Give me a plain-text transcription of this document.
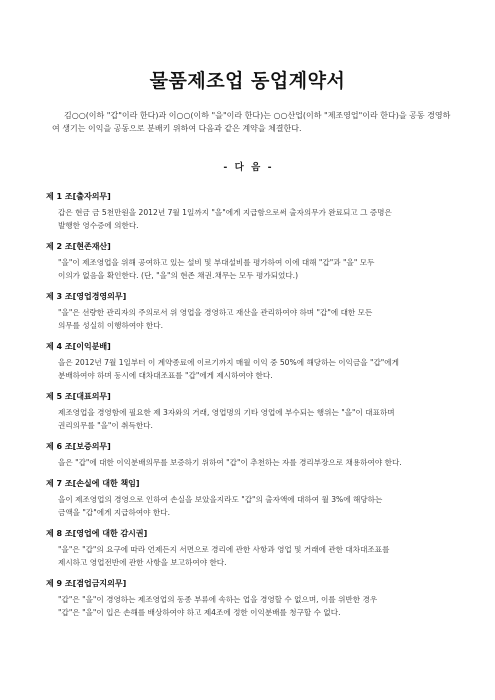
물품제조업 동업계약서
김○○(이하 "갑"이라 한다)과 이○○(이하 "을"이라 한다)는 ○○산업(이하 "제조영업"이라 한다)을 공동 경영하여 생기는 이익을 공동으로 분배키 위하여 다음과 같은 계약을 체결한다.
- 다 음 -
제 1 조[출자의무]
갑은 현금 금 5천만원을 2012년 7월 1일까지 "을"에게 지급함으로써 출자의무가 완료되고 그 증명은
발행한 영수증에 의한다.
제 2 조[현존재산]
"을"이 제조영업을 위해 공여하고 있는 설비 및 부대설비를 평가하여 이에 대해 "갑"과 "을" 모두
이의가 없음을 확인한다. (단, "을"의 현존 채권․채무는 모두 평가되었다.)
제 3 조[영업경영의무]
"을"은 선량한 관리자의 주의로서 위 영업을 경영하고 재산을 관리하여야 하며 "갑"에 대한 모든
의무를 성실히 이행하여야 한다.
제 4 조[이익분배]
을은 2012년 7월 1일부터 이 계약종료에 이르기까지 매월 이익 중 50%에 해당하는 이익금을 "갑"에게
분배하여야 하며 동시에 대차대조표를 "갑"에게 제시하여야 한다.
제 5 조[대표의무]
제조영업을 경영함에 필요한 제 3자와의 거래, 영업명의 기타 영업에 부수되는 행위는 "을"이 대표하며
권리의무를 "을"이 취득한다.
제 6 조[보증의무]
을은 "갑"에 대한 이익분배의무를 보증하기 위하여 "갑"이 추천하는 자를 경리부장으로 채용하여야 한다.
제 7 조[손실에 대한 책임]
을이 제조영업의 경영으로 인하여 손실을 보았을지라도 "갑"의 출자액에 대하여 월 3%에 해당하는
금액을 "갑"에게 지급하여야 한다.
제 8 조[영업에 대한 감시권]
"을"은 "갑"의 요구에 따라 언제든지 서면으로 경리에 관한 사항과 영업 및 거래에 관한 대차대조표를
제시하고 영업전반에 관한 사항을 보고하여야 한다.
제 9 조[겸업금지의무]
"갑"은 "을"이 경영하는 제조영업의 동종 부류에 속하는 업을 경영할 수 없으며, 이를 위반한 경우
"갑"은 "을"이 입은 손해를 배상하여야 하고 제4조에 정한 이익분배를 청구할 수 없다.
